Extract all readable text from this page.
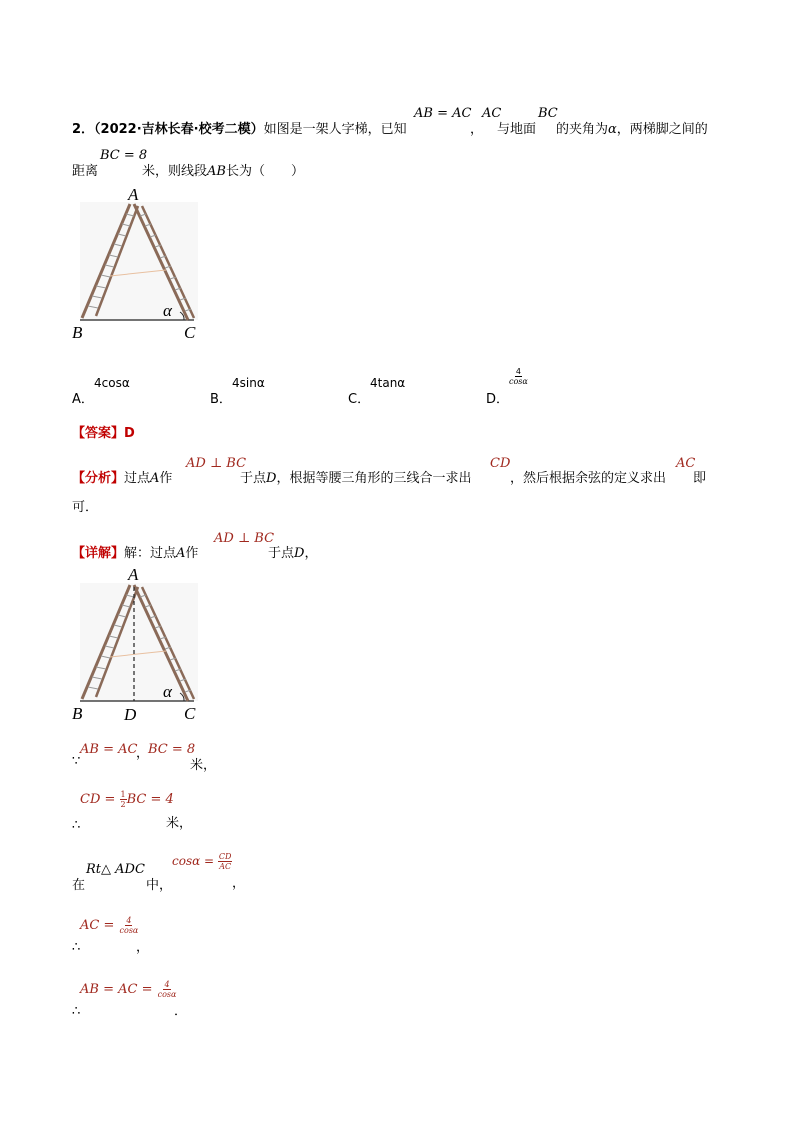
2．（2022·吉林长春·校考二模）如图是一架人字梯，已知
AB = AC
，
AC
与地面
BC
的夹角为α，两梯脚之间的
距离
BC = 8
米，则线段AB长为（　　）
A
B	C
α
A．
4cosα
B．
4sinα
C．
4tanα
D．
$\frac{4}{\cos\alpha}$
【答案】D
【分析】过点A作
AD ⊥ BC
于点D，根据等腰三角形的三线合一求出
CD
，然后根据余弦的定义求出
AC
即
可．
【详解】解：过点A作
AD ⊥ BC
于点D，
A
B D	C
α
∵
AB = AC
，
BC = 8
米，
∴
CD = $\frac{1}{2}$ BC = 4
米，
在
Rt△ ADC
中，
$\cos\alpha = \frac{CD}{AC}$
，
∴
AC = $\frac{4}{\cos\alpha}$
，
∴
AB = AC = $\frac{4}{\cos\alpha}$
．
